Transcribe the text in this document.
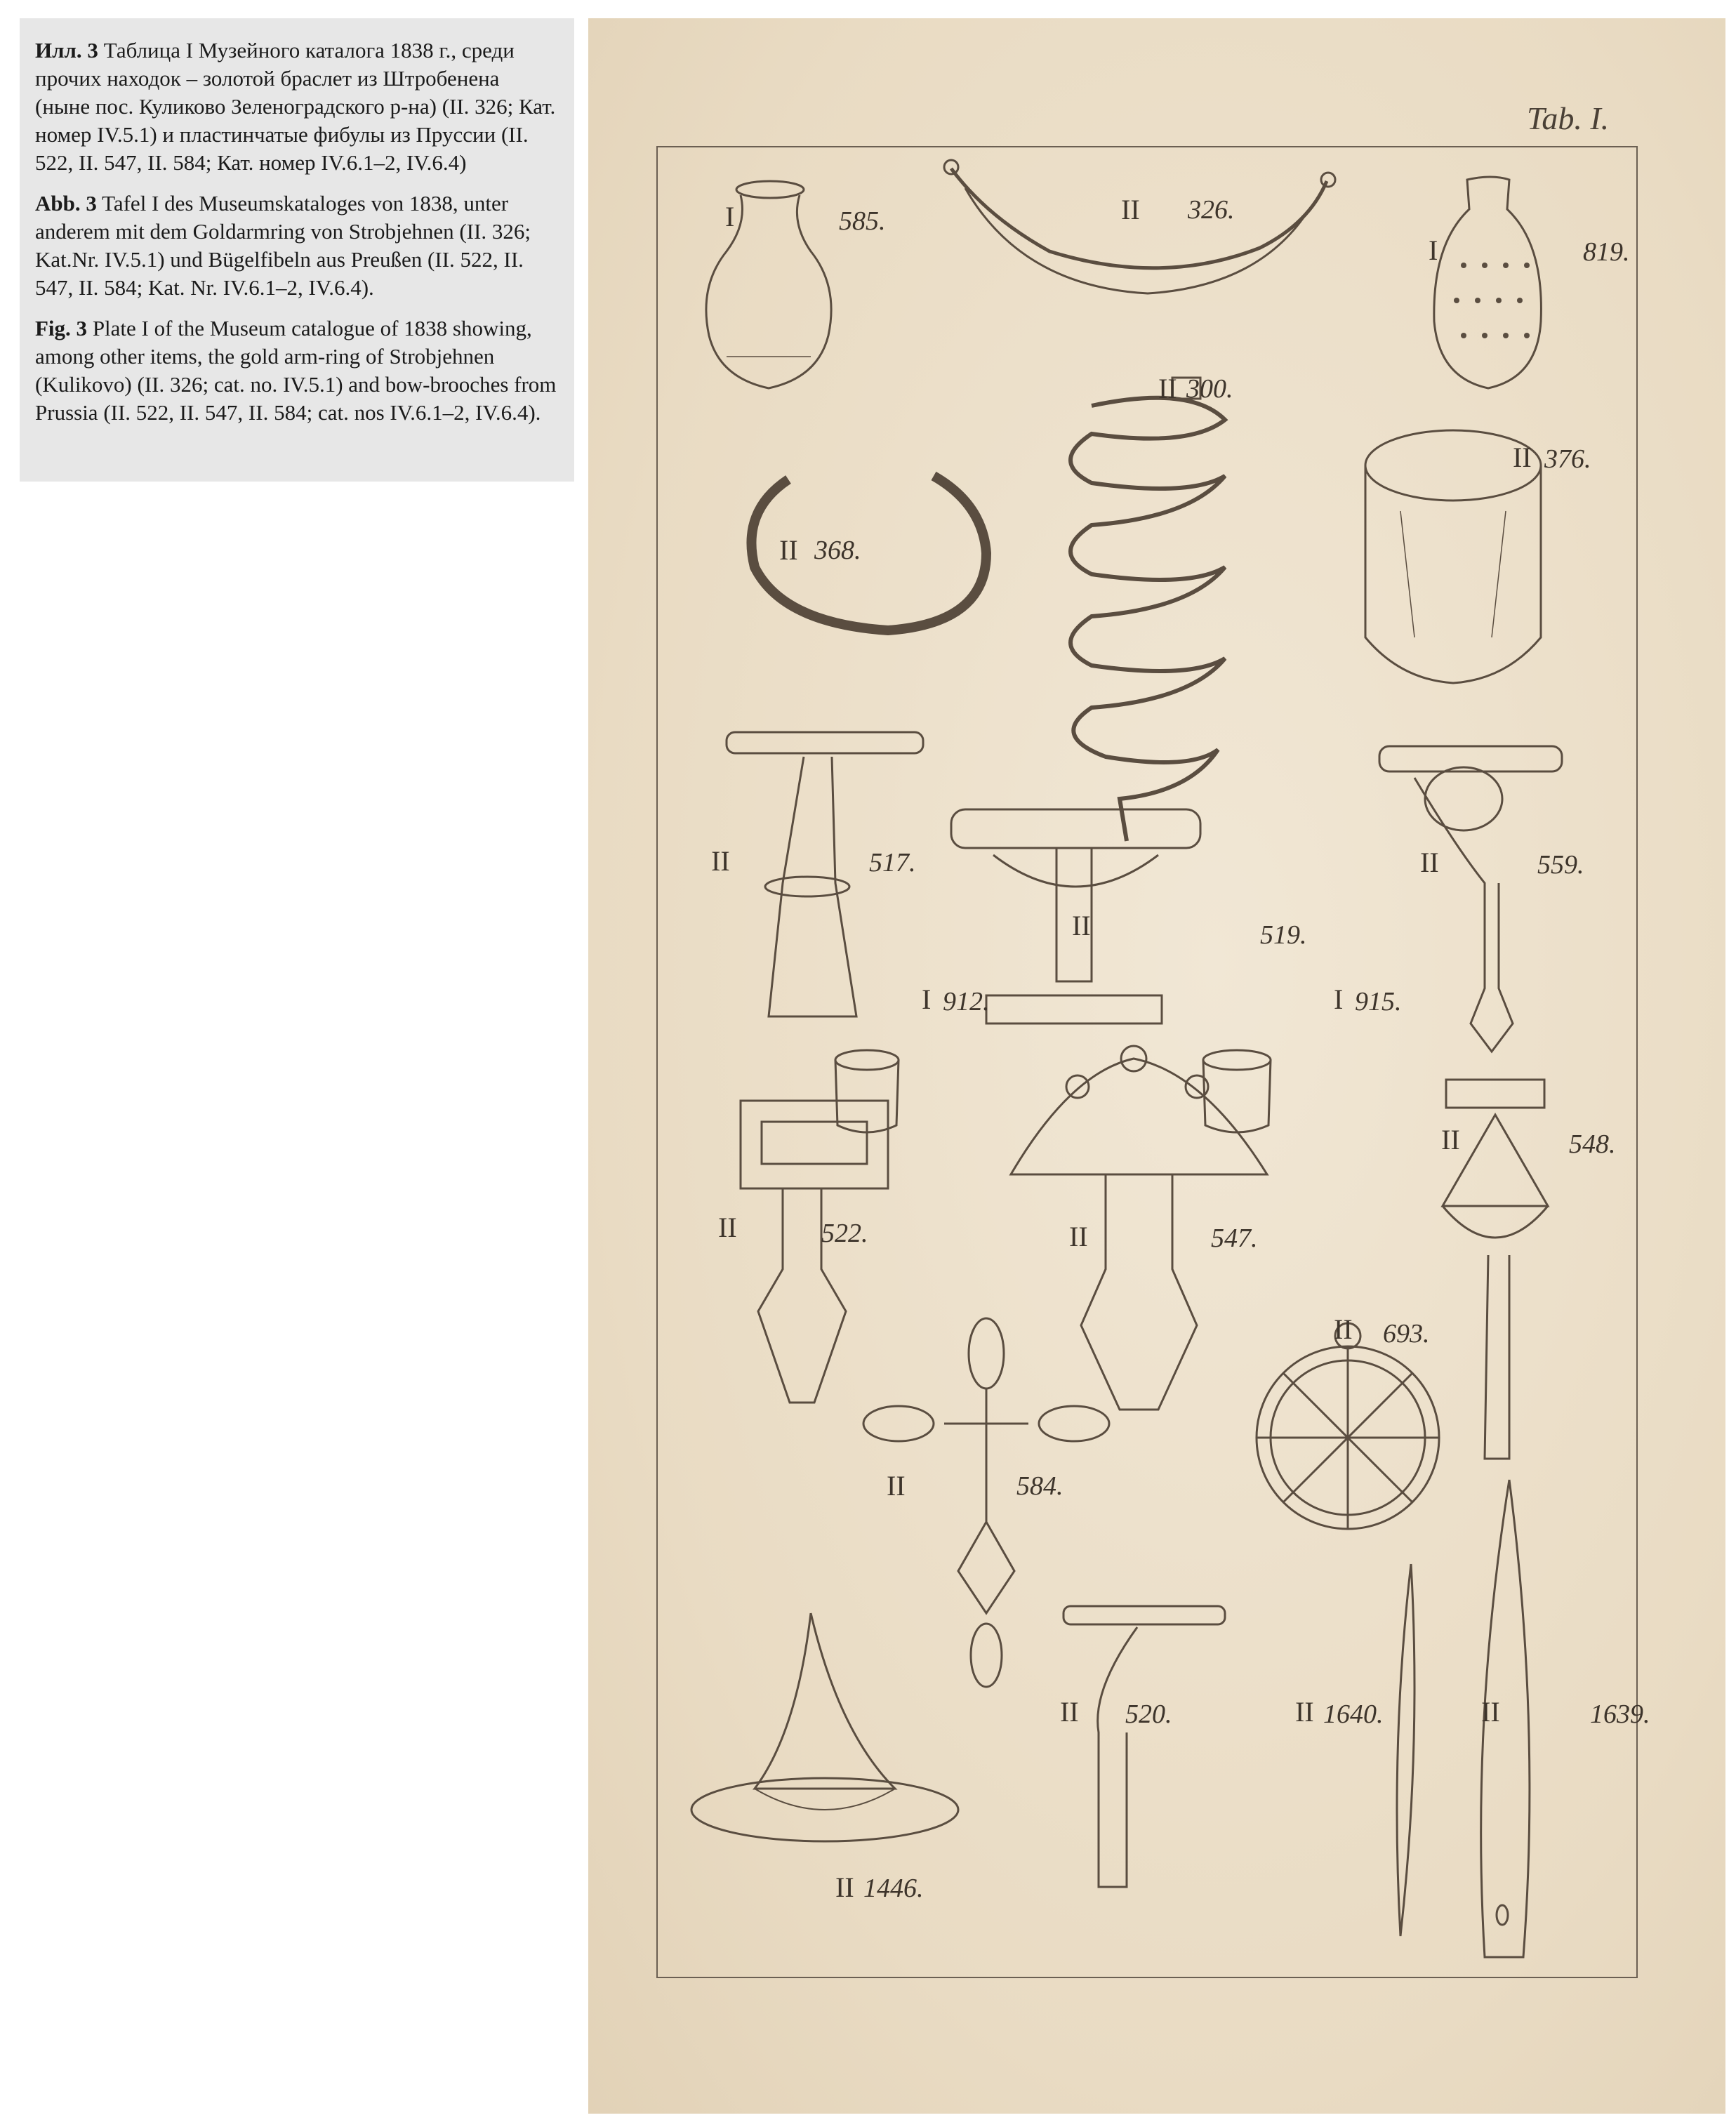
Илл. 3 Таблица I Музейного каталога 1838 г., среди прочих находок – золотой браслет из Штробенена (ныне пос. Куликово Зеленоградского р-на) (II. 326; Кат. номер IV.5.1) и пластинчатые фибулы из Пруссии (II. 522, II. 547, II. 584; Кат. номер IV.6.1–2, IV.6.4)

Abb. 3 Tafel I des Museumskataloges von 1838, unter anderem mit dem Goldarmring von Strobjehnen (II. 326; Kat.Nr. IV.5.1) und Bügelfibeln aus Preußen (II. 522, II. 547, II. 584; Kat. Nr. IV.6.1–2, IV.6.4).

Fig. 3 Plate I of the Museum catalogue of 1838 showing, among other items, the gold arm-ring of Strobjehnen (Kulikovo) (II. 326; cat. no. IV.5.1) and bow-brooches from Prussia (II. 522, II. 547, II. 584; cat. nos IV.6.1–2, IV.6.4).

Tab. I.
I	585.	II 326.
I	819.
II 300.
II 368.
II 376.
II	517.
II	519.
II	559.
I 912.	I 915.
II	522.	II	547.
II	548.
II 693.
II	584.
II 520.	II 1640.	II	1639.
II 1446.
